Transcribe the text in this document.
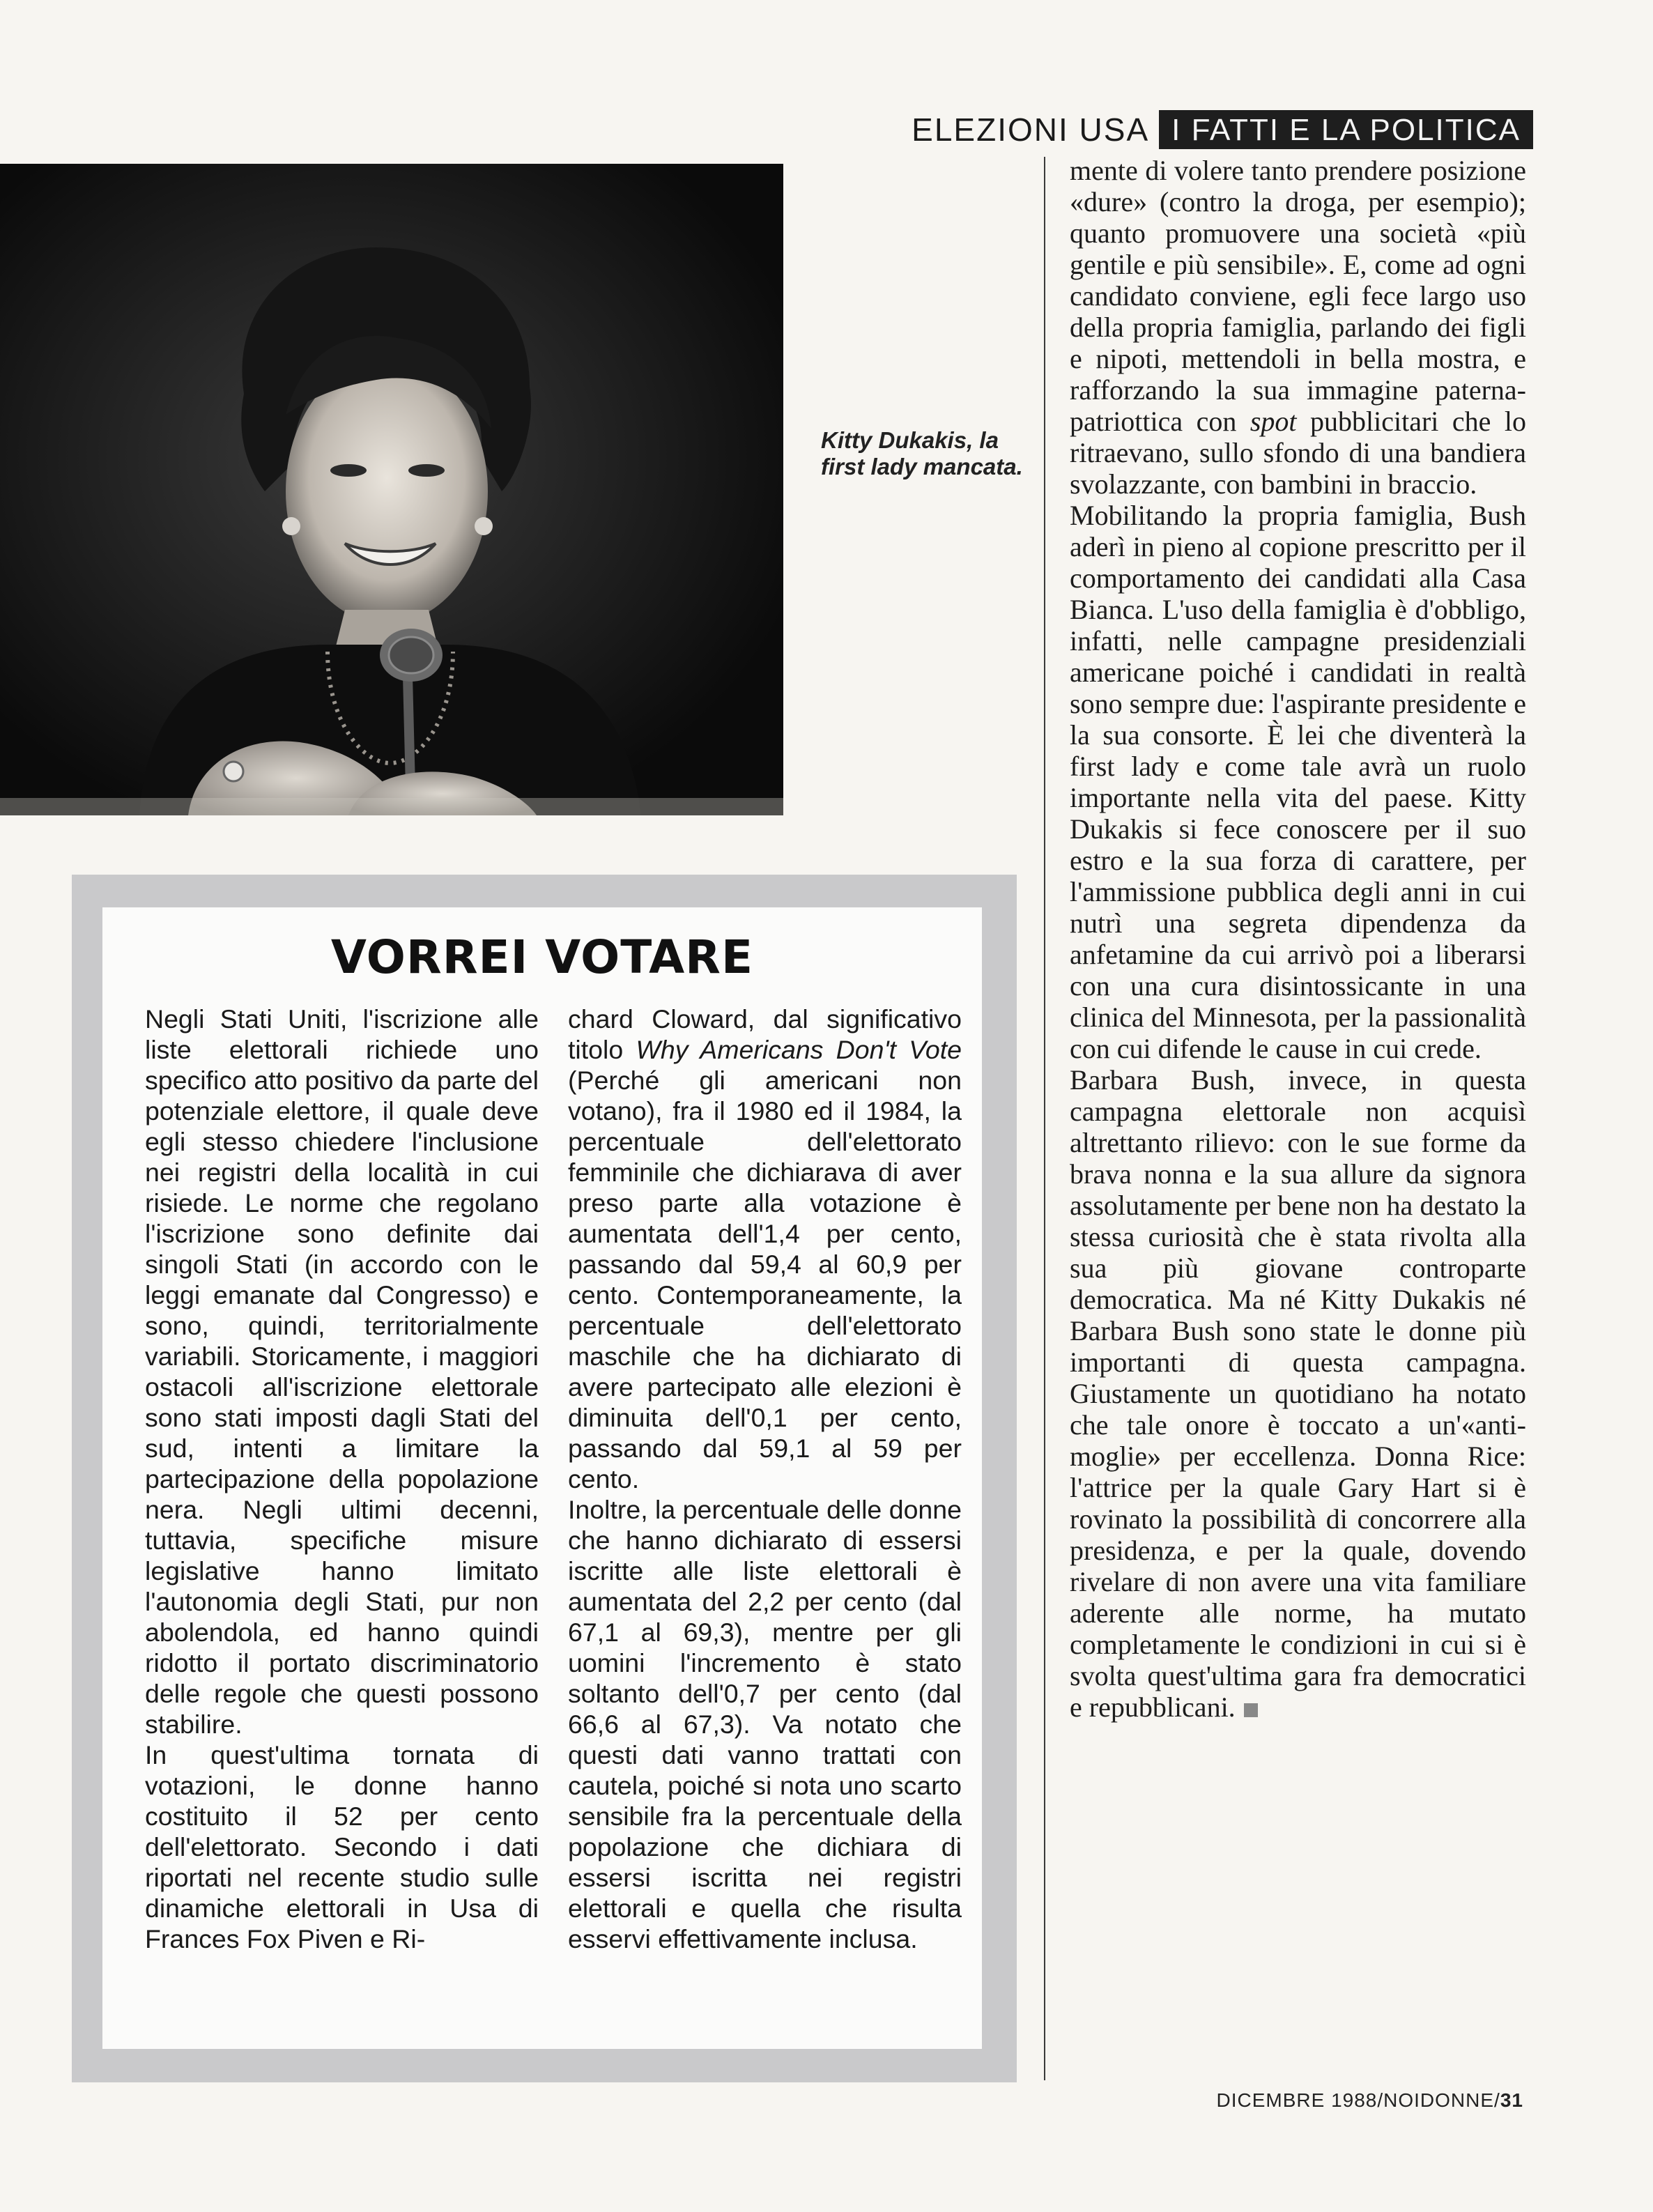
ELEZIONI USA I FATTI E LA POLITICA
Kitty Dukakis, la first lady mancata.

mente di volere tanto prendere posizione «dure» (contro la droga, per esempio); quanto promuovere una società «più gentile e più sensibile». E, come ad ogni candidato conviene, egli fece largo uso della propria famiglia, parlando dei figli e nipoti, mettendoli in bella mostra, e rafforzando la sua immagine paterna-patriottica con spot pubblicitari che lo ritraevano, sullo sfondo di una bandiera svolazzante, con bambini in braccio.

Mobilitando la propria famiglia, Bush aderì in pieno al copione prescritto per il comportamento dei candidati alla Casa Bianca. L'uso della famiglia è d'obbligo, infatti, nelle campagne presidenziali americane poiché i candidati in realtà sono sempre due: l'aspirante presidente e la sua consorte. È lei che diventerà la first lady e come tale avrà un ruolo importante nella vita del paese. Kitty Dukakis si fece conoscere per il suo estro e la sua forza di carattere, per l'ammissione pubblica degli anni in cui nutrì una segreta dipendenza da anfetamine da cui arrivò poi a liberarsi con una cura disintossicante in una clinica del Minnesota, per la passionalità con cui difende le cause in cui crede.

Barbara Bush, invece, in questa campagna elettorale non acquisì altrettanto rilievo: con le sue forme da brava nonna e la sua allure da signora assolutamente per bene non ha destato la stessa curiosità che è stata rivolta alla sua più giovane controparte democratica. Ma né Kitty Dukakis né Barbara Bush sono state le donne più importanti di questa campagna. Giustamente un quotidiano ha notato che tale onore è toccato a un'«anti-moglie» per eccellenza. Donna Rice: l'attrice per la quale Gary Hart si è rovinato la possibilità di concorrere alla presidenza, e per la quale, dovendo rivelare di non avere una vita familiare aderente alle norme, ha mutato completamente le condizioni in cui si è svolta quest'ultima gara fra democratici e repubblicani.

VORREI VOTARE

Negli Stati Uniti, l'iscrizione alle liste elettorali richiede uno specifico atto positivo da parte del potenziale elettore, il quale deve egli stesso chiedere l'inclusione nei registri della località in cui risiede. Le norme che regolano l'iscrizione sono definite dai singoli Stati (in accordo con le leggi emanate dal Congresso) e sono, quindi, territorialmente variabili. Storicamente, i maggiori ostacoli all'iscrizione elettorale sono stati imposti dagli Stati del sud, intenti a limitare la partecipazione della popolazione nera. Negli ultimi decenni, tuttavia, specifiche misure legislative hanno limitato l'autonomia degli Stati, pur non abolendola, ed hanno quindi ridotto il portato discriminatorio delle regole che questi possono stabilire.

In quest'ultima tornata di votazioni, le donne hanno costituito il 52 per cento dell'elettorato. Secondo i dati riportati nel recente studio sulle dinamiche elettorali in Usa di Frances Fox Piven e Ri-

chard Cloward, dal significativo titolo Why Americans Don't Vote (Perché gli americani non votano), fra il 1980 ed il 1984, la percentuale dell'elettorato femminile che dichiarava di aver preso parte alla votazione è aumentata dell'1,4 per cento, passando dal 59,4 al 60,9 per cento. Contemporaneamente, la percentuale dell'elettorato maschile che ha dichiarato di avere partecipato alle elezioni è diminuita dell'0,1 per cento, passando dal 59,1 al 59 per cento.

Inoltre, la percentuale delle donne che hanno dichiarato di essersi iscritte alle liste elettorali è aumentata del 2,2 per cento (dal 67,1 al 69,3), mentre per gli uomini l'incremento è stato soltanto dell'0,7 per cento (dal 66,6 al 67,3). Va notato che questi dati vanno trattati con cautela, poiché si nota uno scarto sensibile fra la percentuale della popolazione che dichiara di essersi iscritta nei registri elettorali e quella che risulta esservi effettivamente inclusa.

DICEMBRE 1988/NOIDONNE/31
